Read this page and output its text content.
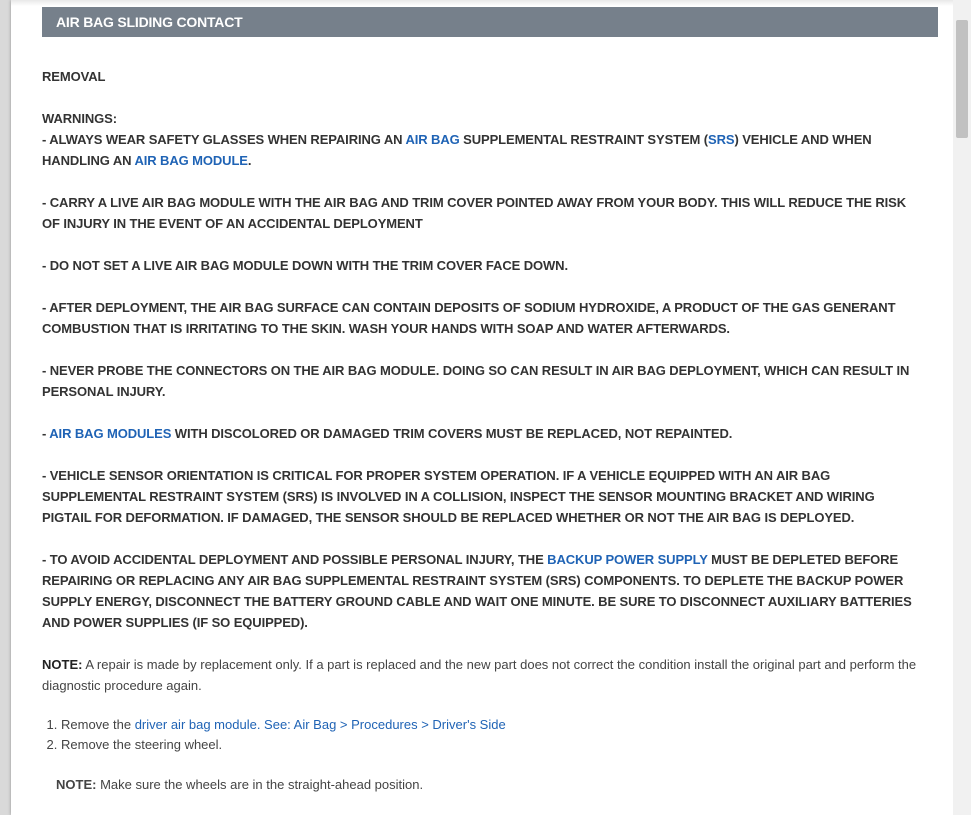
AIR BAG SLIDING CONTACT
REMOVAL
WARNINGS:
- ALWAYS WEAR SAFETY GLASSES WHEN REPAIRING AN AIR BAG SUPPLEMENTAL RESTRAINT SYSTEM (SRS) VEHICLE AND WHEN HANDLING AN AIR BAG MODULE.
- CARRY A LIVE AIR BAG MODULE WITH THE AIR BAG AND TRIM COVER POINTED AWAY FROM YOUR BODY. THIS WILL REDUCE THE RISK OF INJURY IN THE EVENT OF AN ACCIDENTAL DEPLOYMENT
- DO NOT SET A LIVE AIR BAG MODULE DOWN WITH THE TRIM COVER FACE DOWN.
- AFTER DEPLOYMENT, THE AIR BAG SURFACE CAN CONTAIN DEPOSITS OF SODIUM HYDROXIDE, A PRODUCT OF THE GAS GENERANT COMBUSTION THAT IS IRRITATING TO THE SKIN. WASH YOUR HANDS WITH SOAP AND WATER AFTERWARDS.
- NEVER PROBE THE CONNECTORS ON THE AIR BAG MODULE. DOING SO CAN RESULT IN AIR BAG DEPLOYMENT, WHICH CAN RESULT IN PERSONAL INJURY.
- AIR BAG MODULES WITH DISCOLORED OR DAMAGED TRIM COVERS MUST BE REPLACED, NOT REPAINTED.
- VEHICLE SENSOR ORIENTATION IS CRITICAL FOR PROPER SYSTEM OPERATION. IF A VEHICLE EQUIPPED WITH AN AIR BAG SUPPLEMENTAL RESTRAINT SYSTEM (SRS) IS INVOLVED IN A COLLISION, INSPECT THE SENSOR MOUNTING BRACKET AND WIRING PIGTAIL FOR DEFORMATION. IF DAMAGED, THE SENSOR SHOULD BE REPLACED WHETHER OR NOT THE AIR BAG IS DEPLOYED.
- TO AVOID ACCIDENTAL DEPLOYMENT AND POSSIBLE PERSONAL INJURY, THE BACKUP POWER SUPPLY MUST BE DEPLETED BEFORE REPAIRING OR REPLACING ANY AIR BAG SUPPLEMENTAL RESTRAINT SYSTEM (SRS) COMPONENTS. TO DEPLETE THE BACKUP POWER SUPPLY ENERGY, DISCONNECT THE BATTERY GROUND CABLE AND WAIT ONE MINUTE. BE SURE TO DISCONNECT AUXILIARY BATTERIES AND POWER SUPPLIES (IF SO EQUIPPED).
NOTE: A repair is made by replacement only. If a part is replaced and the new part does not correct the condition install the original part and perform the diagnostic procedure again.
1. Remove the driver air bag module. See: Air Bag > Procedures > Driver's Side
2. Remove the steering wheel.
NOTE: Make sure the wheels are in the straight-ahead position.
